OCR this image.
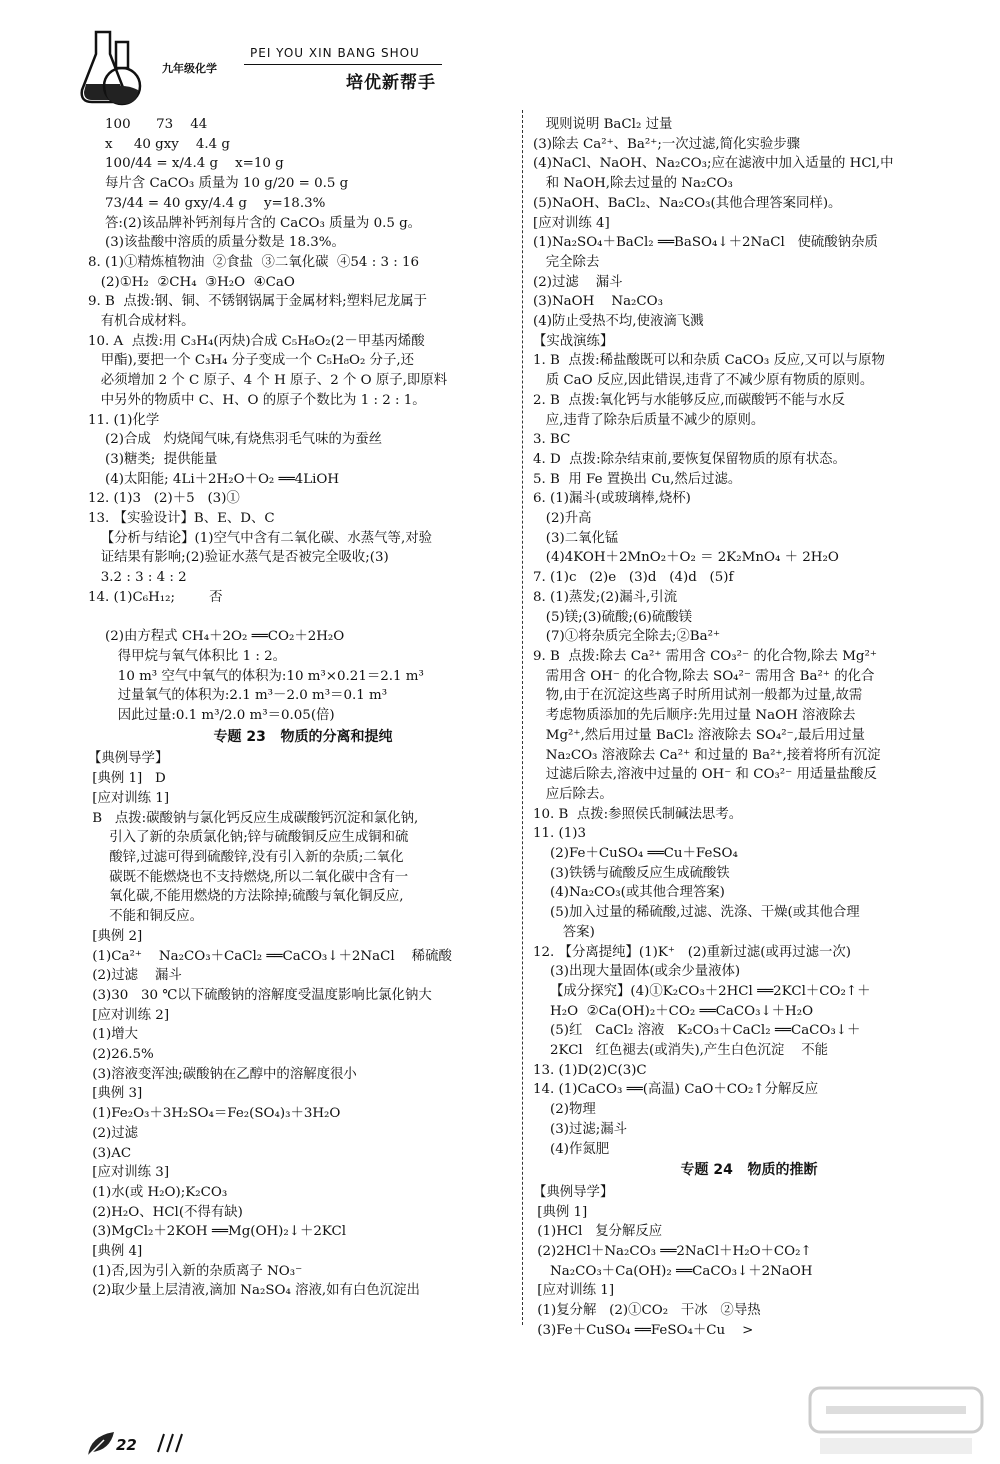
九年级化学
PEI YOU XIN BANG SHOU
培优新帮手
100      73    44
x     40 gxy    4.4 g
100/44 = x/4.4 g    x=10 g
每片含 CaCO₃ 质量为 10 g/20 = 0.5 g
73/44 = 40 gxy/4.4 g    y=18.3%
答:(2)该品牌补钙剂每片含的 CaCO₃ 质量为 0.5 g。
(3)该盐酸中溶质的质量分数是 18.3%。
8. (1)①精炼植物油  ②食盐  ③二氧化碳  ④54 : 3 : 16
(2)①H₂  ②CH₄  ③H₂O  ④CaO
9. B  点拨:钢、铜、不锈钢锅属于金属材料;塑料尼龙属于
有机合成材料。
10. A  点拨:用 C₃H₄(丙炔)合成 C₅H₈O₂(2－甲基丙烯酸
甲酯),要把一个 C₃H₄ 分子变成一个 C₅H₈O₂ 分子,还
必须增加 2 个 C 原子、4 个 H 原子、2 个 O 原子,即原料
中另外的物质中 C、H、O 的原子个数比为 1 : 2 : 1。
11. (1)化学
(2)合成   灼烧闻气味,有烧焦羽毛气味的为蚕丝
(3)糖类;  提供能量
(4)太阳能; 4Li＋2H₂O＋O₂ ══4LiOH
12. (1)3   (2)＋5   (3)①
13. 【实验设计】B、E、D、C
【分析与结论】(1)空气中含有二氧化碳、水蒸气等,对验
证结果有影响;(2)验证水蒸气是否被完全吸收;(3)
3.2 : 3 : 4 : 2
14. (1)C₆H₁₂;        否
(2)由方程式 CH₄＋2O₂ ══CO₂＋2H₂O
得甲烷与氧气体积比 1 : 2。
10 m³ 空气中氧气的体积为:10 m³×0.21＝2.1 m³
过量氧气的体积为:2.1 m³－2.0 m³＝0.1 m³
因此过量:0.1 m³/2.0 m³＝0.05(倍)
专题 23   物质的分离和提纯
【典例导学】
[典例 1]   D
[应对训练 1]
B   点拨:碳酸钠与氯化钙反应生成碳酸钙沉淀和氯化钠,
引入了新的杂质氯化钠;锌与硫酸铜反应生成铜和硫
酸锌,过滤可得到硫酸锌,没有引入新的杂质;二氧化
碳既不能燃烧也不支持燃烧,所以二氧化碳中含有一
氧化碳,不能用燃烧的方法除掉;硫酸与氧化铜反应,
不能和铜反应。
[典例 2]
(1)Ca²⁺    Na₂CO₃＋CaCl₂ ══CaCO₃↓＋2NaCl    稀硫酸
(2)过滤    漏斗
(3)30   30 ℃以下硫酸钠的溶解度受温度影响比氯化钠大
[应对训练 2]
(1)增大
(2)26.5%
(3)溶液变浑浊;碳酸钠在乙醇中的溶解度很小
[典例 3]
(1)Fe₂O₃＋3H₂SO₄＝Fe₂(SO₄)₃＋3H₂O
(2)过滤
(3)AC
[应对训练 3]
(1)水(或 H₂O);K₂CO₃
(2)H₂O、HCl(不得有缺)
(3)MgCl₂＋2KOH ══Mg(OH)₂↓＋2KCl
[典例 4]
(1)否,因为引入新的杂质离子 NO₃⁻
(2)取少量上层清液,滴加 Na₂SO₄ 溶液,如有白色沉淀出
现则说明 BaCl₂ 过量
(3)除去 Ca²⁺、Ba²⁺;一次过滤,简化实验步骤
(4)NaCl、NaOH、Na₂CO₃;应在滤液中加入适量的 HCl,中
和 NaOH,除去过量的 Na₂CO₃
(5)NaOH、BaCl₂、Na₂CO₃(其他合理答案同样)。
[应对训练 4]
(1)Na₂SO₄＋BaCl₂ ══BaSO₄↓＋2NaCl   使硫酸钠杂质
完全除去
(2)过滤    漏斗
(3)NaOH    Na₂CO₃
(4)防止受热不均,使液滴飞溅
【实战演练】
1. B  点拨:稀盐酸既可以和杂质 CaCO₃ 反应,又可以与原物
质 CaO 反应,因此错误,违背了不减少原有物质的原则。
2. B  点拨:氧化钙与水能够反应,而碳酸钙不能与水反
应,违背了除杂后质量不减少的原则。
3. BC
4. D  点拨:除杂结束前,要恢复保留物质的原有状态。
5. B  用 Fe 置换出 Cu,然后过滤。
6. (1)漏斗(或玻璃棒,烧杯)
(2)升高
(3)二氧化锰
(4)4KOH＋2MnO₂＋O₂ ＝ 2K₂MnO₄ ＋ 2H₂O
7. (1)c   (2)e   (3)d   (4)d   (5)f
8. (1)蒸发;(2)漏斗,引流
(5)镁;(3)硫酸;(6)硫酸镁
(7)①将杂质完全除去;②Ba²⁺
9. B  点拨:除去 Ca²⁺ 需用含 CO₃²⁻ 的化合物,除去 Mg²⁺
需用含 OH⁻ 的化合物,除去 SO₄²⁻ 需用含 Ba²⁺ 的化合
物,由于在沉淀这些离子时所用试剂一般都为过量,故需
考虑物质添加的先后顺序:先用过量 NaOH 溶液除去
Mg²⁺,然后用过量 BaCl₂ 溶液除去 SO₄²⁻,最后用过量
Na₂CO₃ 溶液除去 Ca²⁺ 和过量的 Ba²⁺,接着将所有沉淀
过滤后除去,溶液中过量的 OH⁻ 和 CO₃²⁻ 用适量盐酸反
应后除去。
10. B  点拨:参照侯氏制碱法思考。
11. (1)3
(2)Fe＋CuSO₄ ══Cu＋FeSO₄
(3)铁锈与硫酸反应生成硫酸铁
(4)Na₂CO₃(或其他合理答案)
(5)加入过量的稀硫酸,过滤、洗涤、干燥(或其他合理
答案)
12. 【分离提纯】(1)K⁺   (2)重新过滤(或再过滤一次)
(3)出现大量固体(或余少量液体)
【成分探究】(4)①K₂CO₃＋2HCl ══2KCl＋CO₂↑＋
H₂O  ②Ca(OH)₂＋CO₂ ══CaCO₃↓＋H₂O
(5)红   CaCl₂ 溶液   K₂CO₃＋CaCl₂ ══CaCO₃↓＋
2KCl   红色褪去(或消失),产生白色沉淀    不能
13. (1)D(2)C(3)C
14. (1)CaCO₃ ══(高温) CaO＋CO₂↑分解反应
(2)物理
(3)过滤;漏斗
(4)作氮肥
专题 24   物质的推断
【典例导学】
[典例 1]
(1)HCl   复分解反应
(2)2HCl＋Na₂CO₃ ══2NaCl＋H₂O＋CO₂↑
Na₂CO₃＋Ca(OH)₂ ══CaCO₃↓＋2NaOH
[应对训练 1]
(1)复分解   (2)①CO₂   干冰   ②导热
(3)Fe＋CuSO₄ ══FeSO₄＋Cu    >
22
